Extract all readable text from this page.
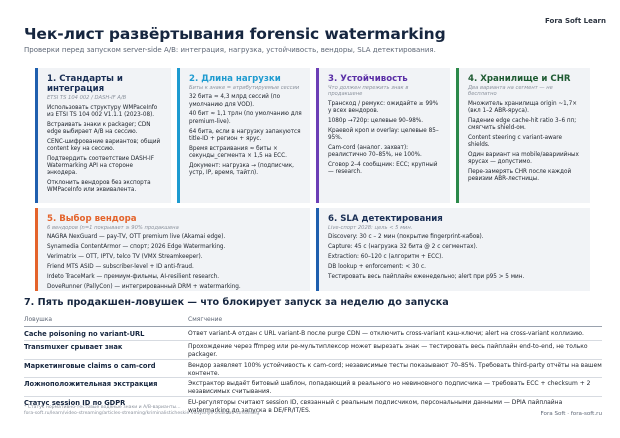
Fora Soft Learn
Чек-лист развёртывания forensic watermarking
Проверки перед запуском server-side A/B: интеграция, нагрузка, устойчивость, вендоры, SLA детектирования.
1. Стандарты и интеграция
ETSI TS 104 002 / DASH-IF A/B
Использовать структуру WMPaceInfo из ETSI TS 104 002 V1.1.1 (2023-08).
Встраивать знаки к packager; CDN edge выбирает A/B на сессию.
CENC-шифрование вариантов; общий content key на сессию.
Подтвердить соответствие DASH-IF Watermarking API на стороне энкодера.
Отклонить вендоров без экспорта WMPaceInfo или эквивалента.
2. Длина нагрузки
Биты к знаке = атрибутируемые сессии
32 бита ≈ 4,3 млрд сессий (по умолчанию для VOD).
40 бит ≈ 1,1 трлн (по умолчанию для premium-live).
64 бита, если в нагрузку запакуются title-ID + регион + ярус.
Время встраивания ≈ биты × секунды_сегмента × 1,5 на ECC.
Документ: нагрузка → (подписчик, устр, IP, время, тайтл).
3. Устойчивость
Что должен пережить знак в продакшене
Транскод / ремукс: ожидайте ≥ 99% у всех вендоров.
1080p →720p: целевые 90–98%.
Краевой кроп и overlay: целевые 85–95%.
Cam-cord (аналог. захват): реалистично 70–85%, не 100%.
Сговор 2–4 сообщник: ECC; крупный — research.
4. Хранилище и CHR
Два варианта на сегмент — не бесплатно
Множитель хранилища origin ~1,7× (вкл 1–2 ABR-яруса).
Падение edge cache-hit ratio 3–6 пп; смягчить shield-ом.
Content steering с variant-aware shields.
Один вариант на mobile/авариийных ярусах — допустимо.
Пере-замерять CHR после каждой ревизии ABR-лестницы.
5. Выбор вендора
6 вендоров (n=1 покрывает ≥ 90% продакшена
NAGRA NexGuard — pay-TV, OTT premium live (Akamai edge).
Synamedia ContentArmor — спорт; 2026 Edge Watermarking.
Verimatrix — OTT, IPTV, telco TV (VMX Streamkeeper).
Friend MTS ASID — subscriber-level + ID anti-fraud.
Irdeto TraceMark — премиум-фильмы, AI-resilient research.
DoveRunner (PallyCon) — интегрированный DRM + watermarking.
6. SLA детектирования
Live-спорт 2028: цель < 5 мин.
Discovery: 30 с – 2 мин (покрытие fingerprint-кабов).
Capture: 45 с (нагрузка 32 бита @ 2 с сегментах).
Extraction: 60–120 с (алгоритм + ECC).
DB lookup + enforcement: < 30 с.
Тестировать весь пайплайн еженедельно; alert при p95 > 5 мин.
7. Пять продакшен-ловушек — что блокирует запуск за неделю до запуска
Ловушка	Смягчение
Cache poisoning no variant-URL	Ответ variant-A отдан с URL variant-B после purge CDN — отключить cross-variant кэш-ключи; alert на cross-variant коллизию.
Transmuxer срывает знак	Прохождение через ffmpeg или ре-мультиплексор может вырезать знак — тестировать весь пайплайн end-to-end, не только packager.
Маркетинговые claims о cam-cord	Вендор заявляет 100% устойчивость к cam-cord; независимые тесты показывают 70–85%. Требовать third-party отчёты на вашем контенте.
Ложноположительная экстракция	Экстрактор выдаёт битовый шаблон, попадающий в реального но невиновного подписчика — требовать ECC + checksum + 2 независимых считывания.
Статус session ID по GDPR	EU-регуляторы считают session ID, связанный с реальным подписчиком, персональными данными — DPIA пайплайна watermarking до запуска в DE/FR/IT/ES.
* Статус нормативно-тестовые водяные знаки и A/B-варианты...
fora-soft.ru/learn/video-streaming/articles-streaming/kriminalisticheskie-vodyanye-znaki-ab-streaming	Fora Soft · fora-soft.ru
